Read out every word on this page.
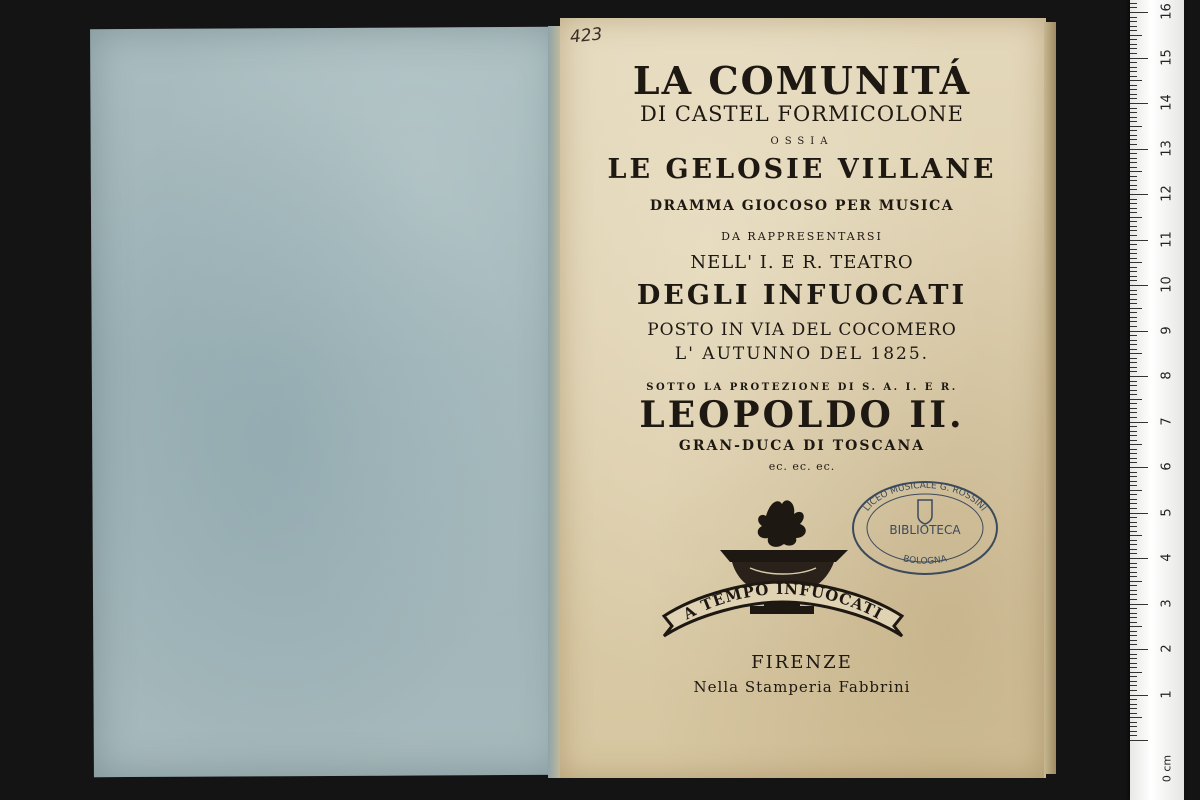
423
LA COMUNITÁ
DI CASTEL FORMICOLONE
OSSIA
LE GELOSIE VILLANE
DRAMMA GIOCOSO PER MUSICA
DA RAPPRESENTARSI
NELL' I. E R. TEATRO
DEGLI INFUOCATI
POSTO IN VIA DEL COCOMERO
L' AUTUNNO DEL 1825.
SOTTO LA PROTEZIONE DI S. A. I. E R.
LEOPOLDO II.
GRAN-DUCA DI TOSCANA
ec. ec. ec.
A TEMPO INFUOCATI
LICEO MUSICALE G. ROSSINI
BIBLIOTECA
BOLOGNA
FIRENZE
Nella Stamperia Fabbrini
0 cm
1
2
3
4
5
6
7
8
9
10
11
12
13
14
15
16
